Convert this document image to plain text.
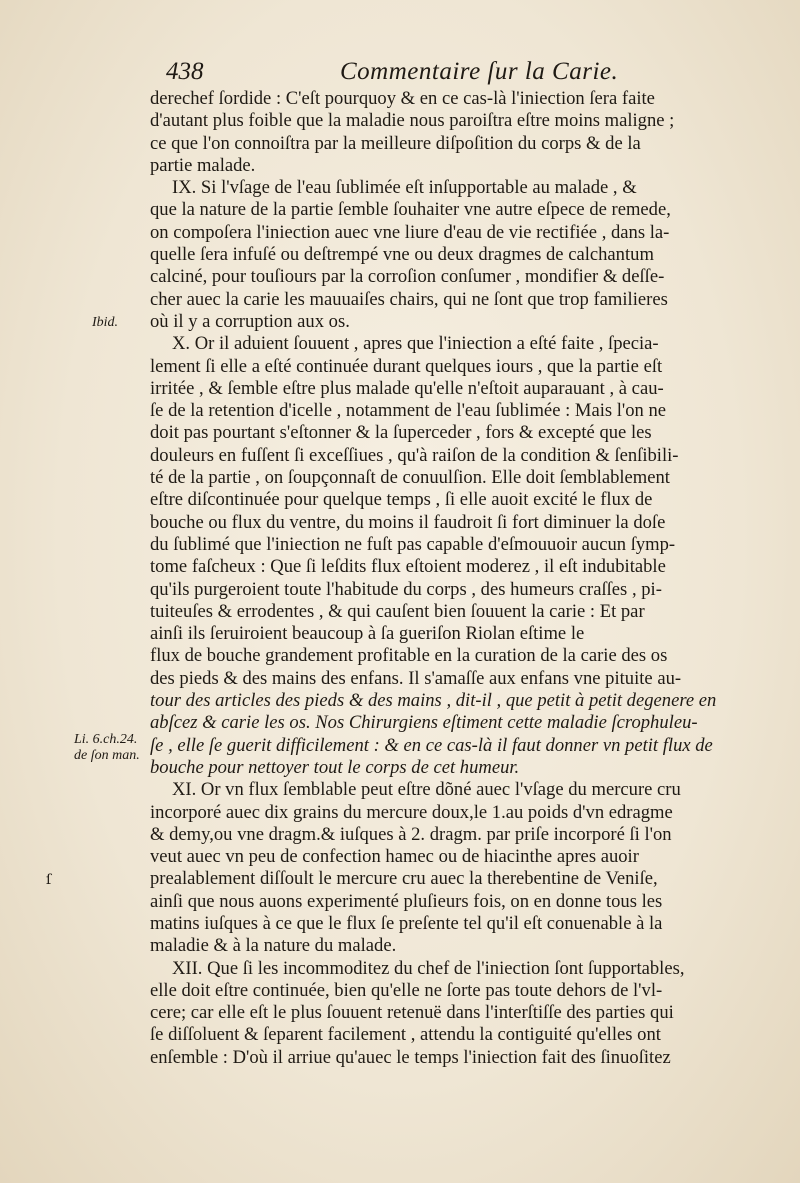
438	Commentaire ſur la Carie.
Ibid.
Li. 6.ch.24.
de ſon man.
ſ
derechef ſordide : C'eſt pourquoy & en ce cas-là l'iniection ſera faite
d'autant plus foible que la maladie nous paroiſtra eſtre moins maligne ;
ce que l'on connoiſtra par la meilleure diſpoſition du corps & de la
partie malade.
IX. Si l'vſage de l'eau ſublimée eſt inſupportable au malade , &
que la nature de la partie ſemble ſouhaiter vne autre eſpece de remede,
on compoſera l'iniection auec vne liure d'eau de vie rectifiée , dans la-
quelle ſera infuſé ou deſtrempé vne ou deux dragmes de calchantum
calciné, pour touſiours par la corroſion conſumer , mondifier & deſſe-
cher auec la carie les mauuaiſes chairs, qui ne ſont que trop familieres
où il y a corruption aux os.
X. Or il aduient ſouuent , apres que l'iniection a eſté faite , ſpecia-
lement ſi elle a eſté continuée durant quelques iours , que la partie eſt
irritée , & ſemble eſtre plus malade qu'elle n'eſtoit auparauant , à cau-
ſe de la retention d'icelle , notamment de l'eau ſublimée : Mais l'on ne
doit pas pourtant s'eſtonner & la ſuperceder , fors & excepté que les
douleurs en fuſſent ſi exceſſiues , qu'à raiſon de la condition & ſenſibili-
té de la partie , on ſoupçonnaſt de conuulſion. Elle doit ſemblablement
eſtre diſcontinuée pour quelque temps , ſi elle auoit excité le flux de
bouche ou flux du ventre, du moins il faudroit ſi fort diminuer la doſe
du ſublimé que l'iniection ne fuſt pas capable d'eſmouuoir aucun ſymp-
tome faſcheux : Que ſi leſdits flux eſtoient moderez , il eſt indubitable
qu'ils purgeroient toute l'habitude du corps , des humeurs craſſes , pi-
tuiteuſes & errodentes , & qui cauſent bien ſouuent la carie : Et par
ainſi ils ſeruiroient beaucoup à ſa gueriſon Riolan eſtime le
flux de bouche grandement profitable en la curation de la carie des os
des pieds & des mains des enfans. Il s'amaſſe aux enfans vne pituite au-
tour des articles des pieds & des mains , dit-il , que petit à petit degenere en
abſcez & carie les os. Nos Chirurgiens eſtiment cette maladie ſcrophuleu-
ſe , elle ſe guerit difficilement : & en ce cas-là il faut donner vn petit flux de
bouche pour nettoyer tout le corps de cet humeur.
XI. Or vn flux ſemblable peut eſtre dõné auec l'vſage du mercure cru
incorporé auec dix grains du mercure doux,le 1.au poids d'vn edragme
& demy,ou vne dragm.& iuſques à 2. dragm. par priſe incorporé ſi l'on
veut auec vn peu de confection hamec ou de hiacinthe apres auoir
prealablement diſſoult le mercure cru auec la therebentine de Veniſe,
ainſi que nous auons experimenté pluſieurs fois, on en donne tous les
matins iuſques à ce que le flux ſe preſente tel qu'il eſt conuenable à la
maladie & à la nature du malade.
XII. Que ſi les incommoditez du chef de l'iniection ſont ſupportables,
elle doit eſtre continuée, bien qu'elle ne ſorte pas toute dehors de l'vl-
cere; car elle eſt le plus ſouuent retenuë dans l'interſtiſſe des parties qui
ſe diſſoluent & ſeparent facilement , attendu la contiguité qu'elles ont
enſemble : D'où il arriue qu'auec le temps l'iniection fait des ſinuoſitez
